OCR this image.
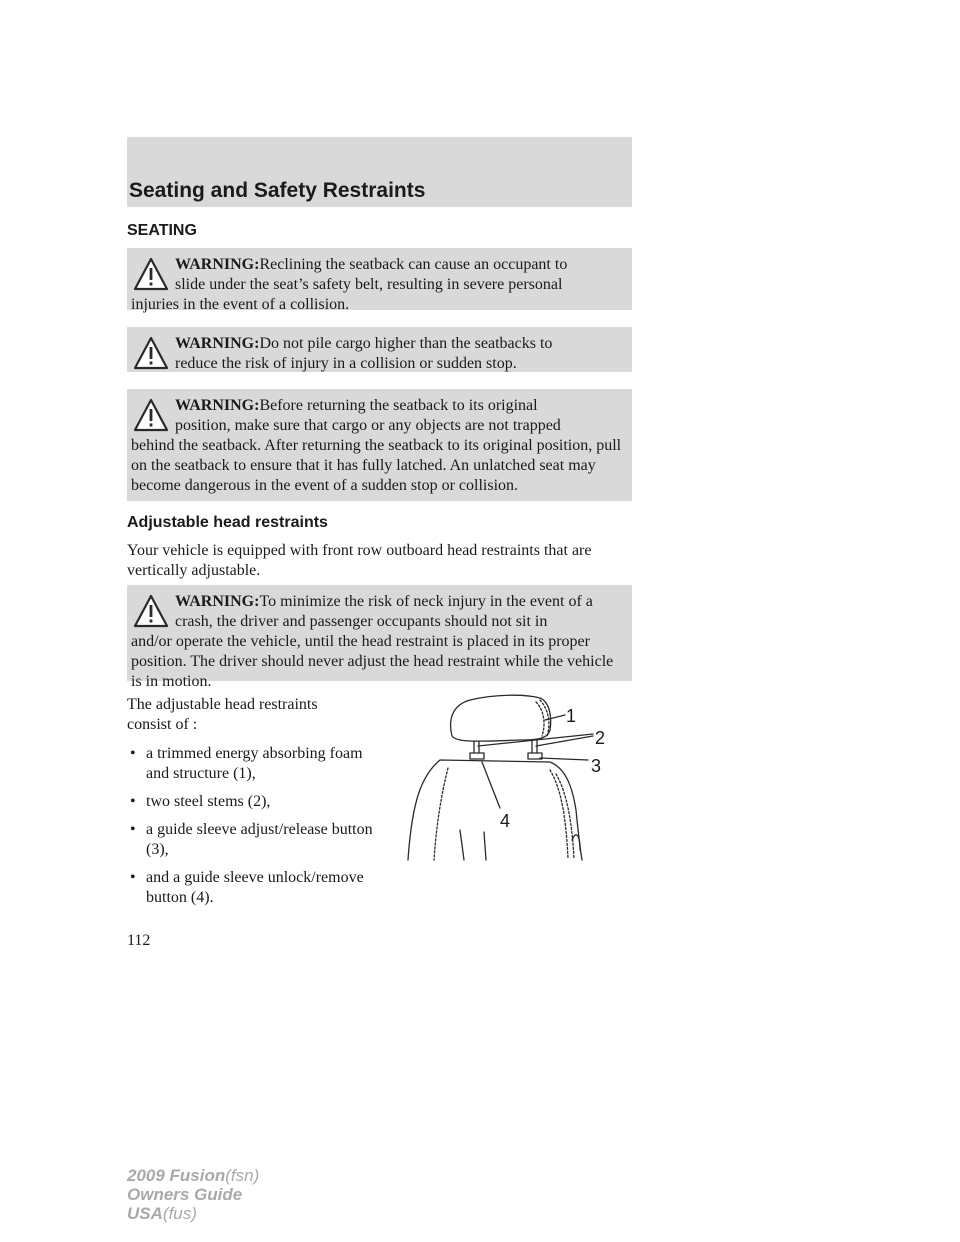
Seating and Safety Restraints
SEATING
WARNING:Reclining the seatback can cause an occupant to
slide under the seat’s safety belt, resulting in severe personal
injuries in the event of a collision.
WARNING:Do not pile cargo higher than the seatbacks to
reduce the risk of injury in a collision or sudden stop.
WARNING:Before returning the seatback to its original
position, make sure that cargo or any objects are not trapped
behind the seatback. After returning the seatback to its original position, pull on the seatback to ensure that it has fully latched. An unlatched seat may become dangerous in the event of a sudden stop or collision.
Adjustable head restraints
Your vehicle is equipped with front row outboard head restraints that are vertically adjustable.
WARNING:To minimize the risk of neck injury in the event of a
crash, the driver and passenger occupants should not sit in
and/or operate the vehicle, until the head restraint is placed in its proper position. The driver should never adjust the head restraint while the vehicle is in motion.
The adjustable head restraints consist of :
• a trimmed energy absorbing foam and structure (1),
• two steel stems (2),
• a guide sleeve adjust/release button (3),
• and a guide sleeve unlock/remove button (4).
1
2
3
4
112
2009 Fusion(fsn)
Owners Guide
USA(fus)
